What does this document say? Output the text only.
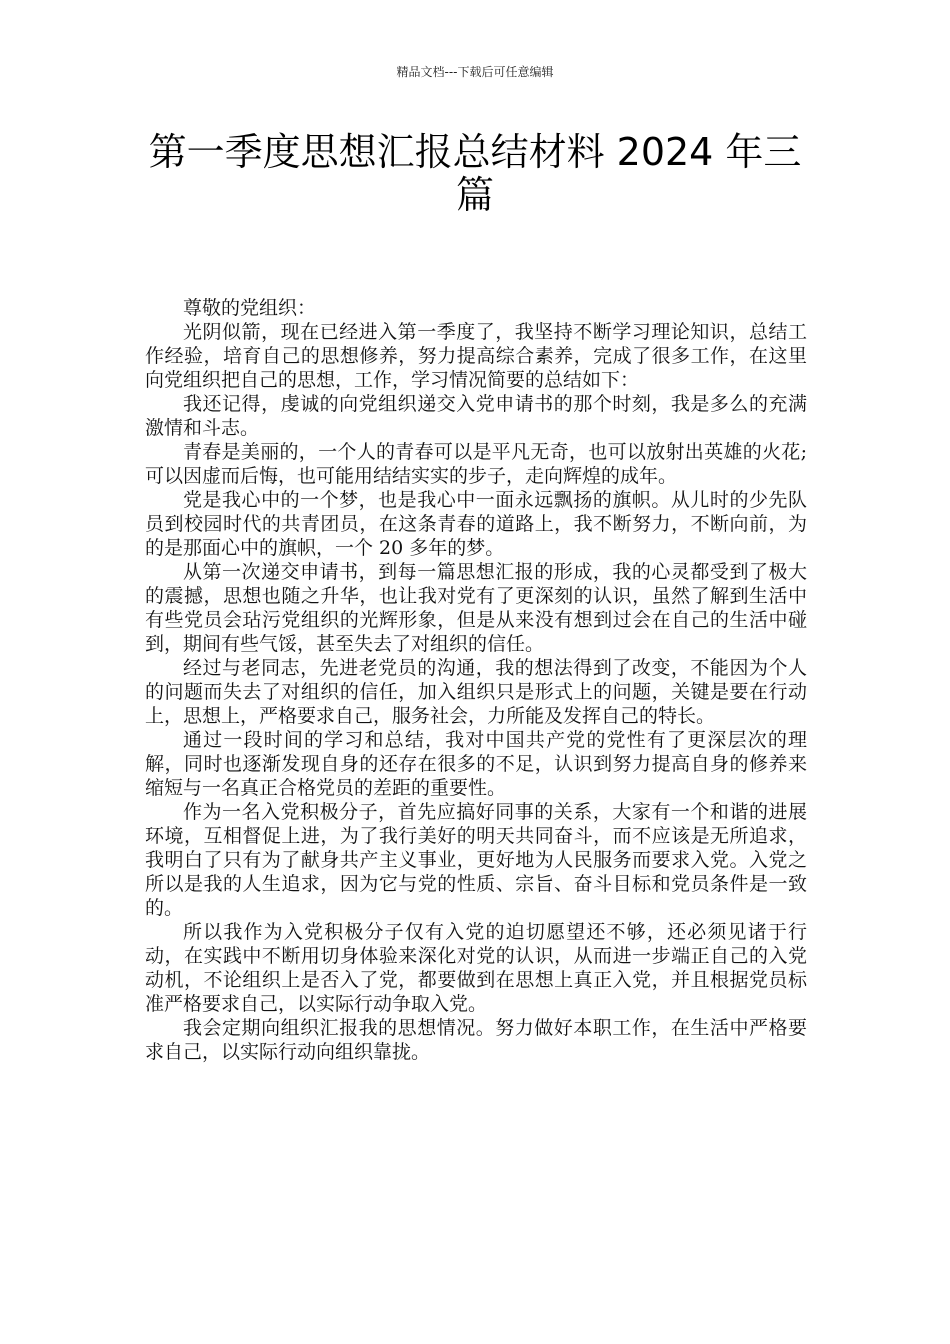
精品文档---下载后可任意编辑
第一季度思想汇报总结材料 2024 年三篇

尊敬的党组织：

光阴似箭，现在已经进入第一季度了，我坚持不断学习理论知识，总结工作经验，培育自己的思想修养，努力提高综合素养，完成了很多工作，在这里向党组织把自己的思想，工作，学习情况简要的总结如下：

我还记得，虔诚的向党组织递交入党申请书的那个时刻，我是多么的充满激情和斗志。

青春是美丽的，一个人的青春可以是平凡无奇，也可以放射出英雄的火花;可以因虚而后悔，也可能用结结实实的步子，走向辉煌的成年。

党是我心中的一个梦，也是我心中一面永远飘扬的旗帜。从儿时的少先队员到校园时代的共青团员，在这条青春的道路上，我不断努力，不断向前，为的是那面心中的旗帜，一个 20 多年的梦。

从第一次递交申请书，到每一篇思想汇报的形成，我的心灵都受到了极大的震撼，思想也随之升华，也让我对党有了更深刻的认识，虽然了解到生活中有些党员会玷污党组织的光辉形象，但是从来没有想到过会在自己的生活中碰到，期间有些气馁，甚至失去了对组织的信任。

经过与老同志，先进老党员的沟通，我的想法得到了改变，不能因为个人的问题而失去了对组织的信任，加入组织只是形式上的问题，关键是要在行动上，思想上，严格要求自己，服务社会，力所能及发挥自己的特长。

通过一段时间的学习和总结，我对中国共产党的党性有了更深层次的理解，同时也逐渐发现自身的还存在很多的不足，认识到努力提高自身的修养来缩短与一名真正合格党员的差距的重要性。

作为一名入党积极分子，首先应搞好同事的关系，大家有一个和谐的进展环境，互相督促上进，为了我行美好的明天共同奋斗，而不应该是无所追求，我明白了只有为了献身共产主义事业，更好地为人民服务而要求入党。入党之所以是我的人生追求，因为它与党的性质、宗旨、奋斗目标和党员条件是一致的。

所以我作为入党积极分子仅有入党的迫切愿望还不够，还必须见诸于行动，在实践中不断用切身体验来深化对党的认识，从而进一步端正自己的入党动机，不论组织上是否入了党，都要做到在思想上真正入党，并且根据党员标准严格要求自己，以实际行动争取入党。

我会定期向组织汇报我的思想情况。努力做好本职工作，在生活中严格要求自己，以实际行动向组织靠拢。
